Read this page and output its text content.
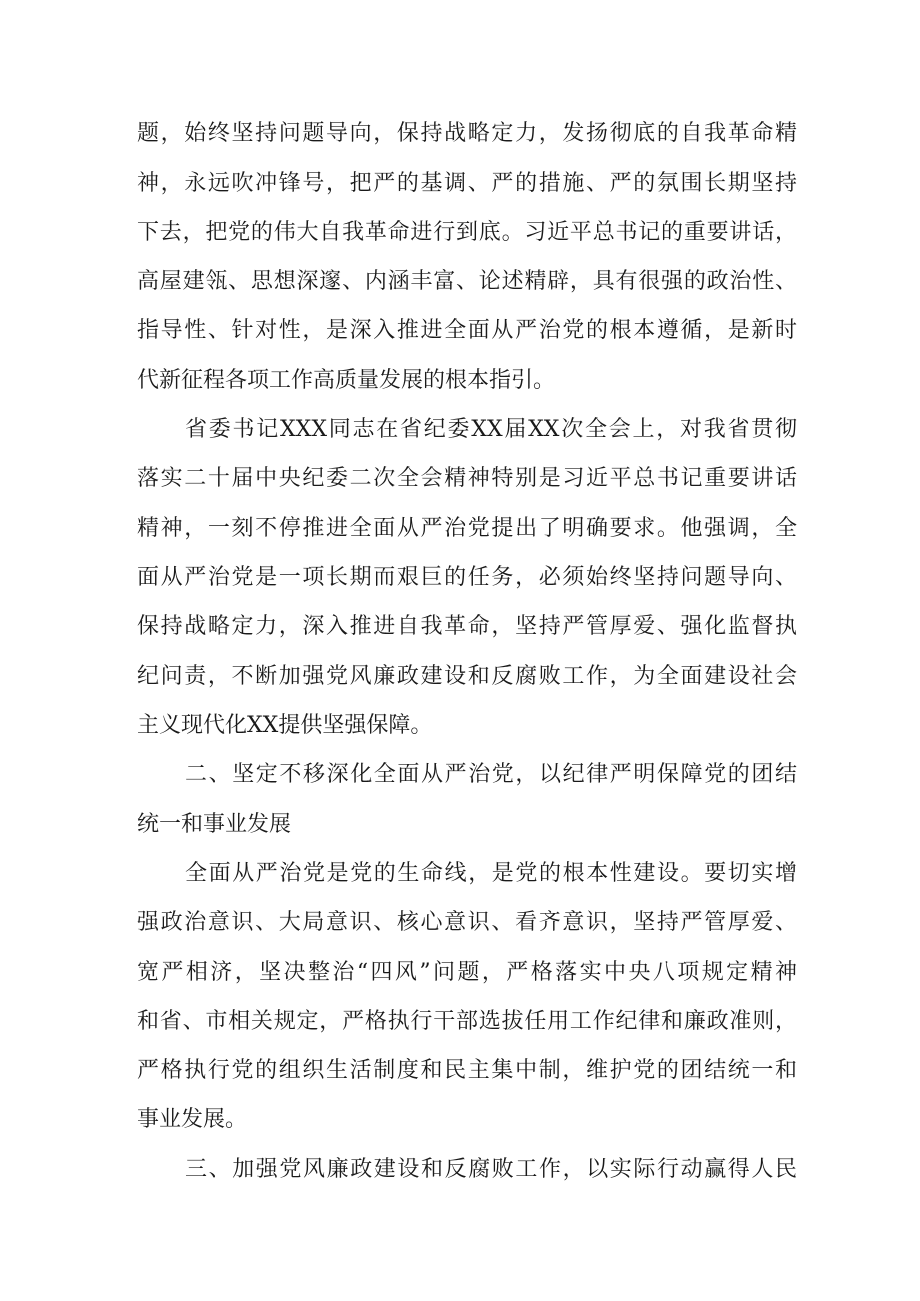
题，始终坚持问题导向，保持战略定力，发扬彻底的自我革命精
神，永远吹冲锋号，把严的基调、严的措施、严的氛围长期坚持
下去，把党的伟大自我革命进行到底。习近平总书记的重要讲话，
高屋建瓴、思想深邃、内涵丰富、论述精辟，具有很强的政治性、
指导性、针对性，是深入推进全面从严治党的根本遵循，是新时
代新征程各项工作高质量发展的根本指引。
省委书记XXX同志在省纪委XX届XX次全会上，对我省贯彻
落实二十届中央纪委二次全会精神特别是习近平总书记重要讲话
精神，一刻不停推进全面从严治党提出了明确要求。他强调，全
面从严治党是一项长期而艰巨的任务，必须始终坚持问题导向、
保持战略定力，深入推进自我革命，坚持严管厚爱、强化监督执
纪问责，不断加强党风廉政建设和反腐败工作，为全面建设社会
主义现代化XX提供坚强保障。
二、坚定不移深化全面从严治党，以纪律严明保障党的团结
统一和事业发展
全面从严治党是党的生命线，是党的根本性建设。要切实增
强政治意识、大局意识、核心意识、看齐意识，坚持严管厚爱、
宽严相济，坚决整治“四风”问题，严格落实中央八项规定精神
和省、市相关规定，严格执行干部选拔任用工作纪律和廉政准则，
严格执行党的组织生活制度和民主集中制，维护党的团结统一和
事业发展。
三、加强党风廉政建设和反腐败工作，以实际行动赢得人民
